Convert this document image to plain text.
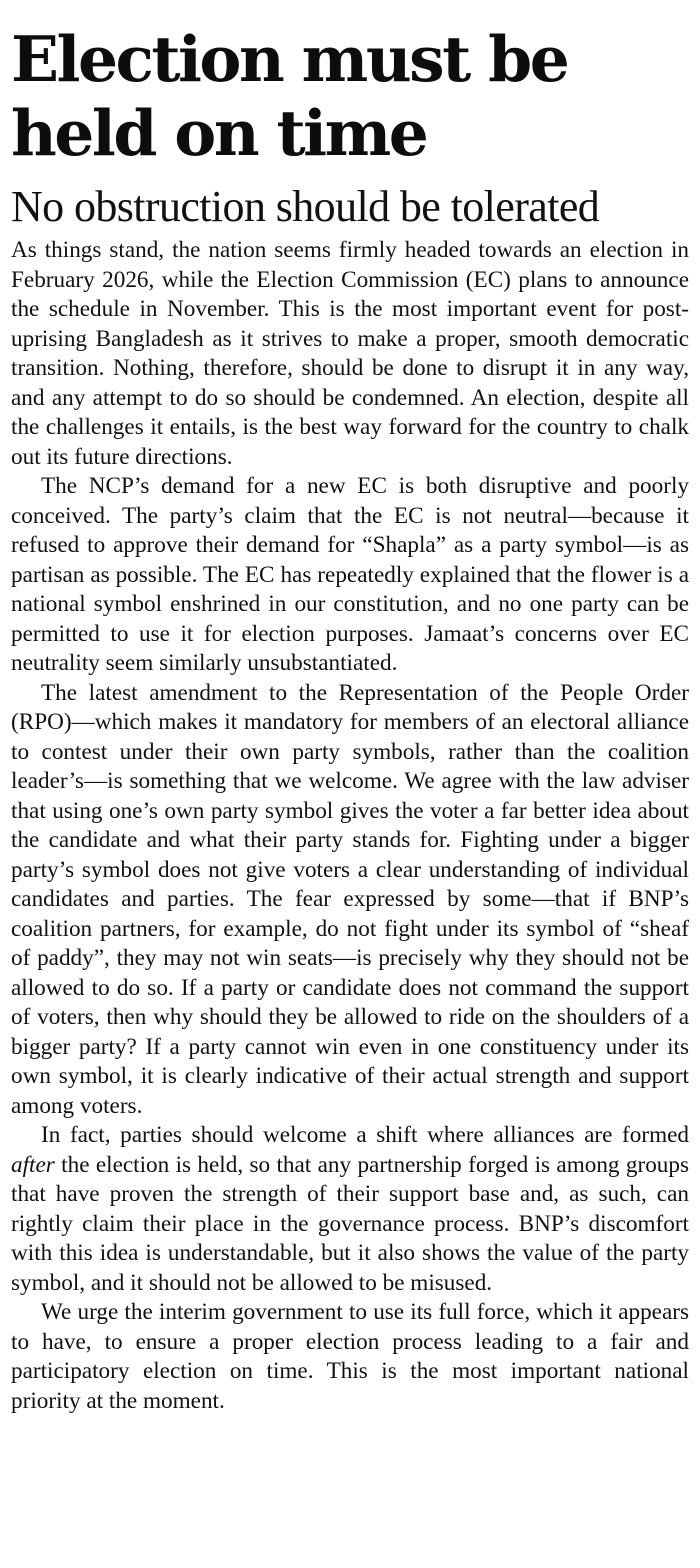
Election must be held on time
No obstruction should be tolerated

As things stand, the nation seems firmly headed towards an election in February 2026, while the Election Commission (EC) plans to announce the schedule in November. This is the most important event for post-uprising Bangladesh as it strives to make a proper, smooth democratic transition. Nothing, therefore, should be done to disrupt it in any way, and any attempt to do so should be condemned. An election, despite all the challenges it entails, is the best way forward for the country to chalk out its future directions.

The NCP’s demand for a new EC is both disruptive and poorly conceived. The party’s claim that the EC is not neutral—because it refused to approve their demand for “Shapla” as a party symbol—is as partisan as possible. The EC has repeatedly explained that the flower is a national symbol enshrined in our constitution, and no one party can be permitted to use it for election purposes. Jamaat’s concerns over EC neutrality seem similarly unsubstantiated.

The latest amendment to the Representation of the People Order (RPO)—which makes it mandatory for members of an electoral alliance to contest under their own party symbols, rather than the coalition leader’s—is something that we welcome. We agree with the law adviser that using one’s own party symbol gives the voter a far better idea about the candidate and what their party stands for. Fighting under a bigger party’s symbol does not give voters a clear understanding of individual candidates and parties. The fear expressed by some—that if BNP’s coalition partners, for example, do not fight under its symbol of “sheaf of paddy”, they may not win seats—is precisely why they should not be allowed to do so. If a party or candidate does not command the support of voters, then why should they be allowed to ride on the shoulders of a bigger party? If a party cannot win even in one constituency under its own symbol, it is clearly indicative of their actual strength and support among voters.

In fact, parties should welcome a shift where alliances are formed after the election is held, so that any partnership forged is among groups that have proven the strength of their support base and, as such, can rightly claim their place in the governance process. BNP’s discomfort with this idea is understandable, but it also shows the value of the party symbol, and it should not be allowed to be misused.

We urge the interim government to use its full force, which it appears to have, to ensure a proper election process leading to a fair and participatory election on time. This is the most important national priority at the moment.
